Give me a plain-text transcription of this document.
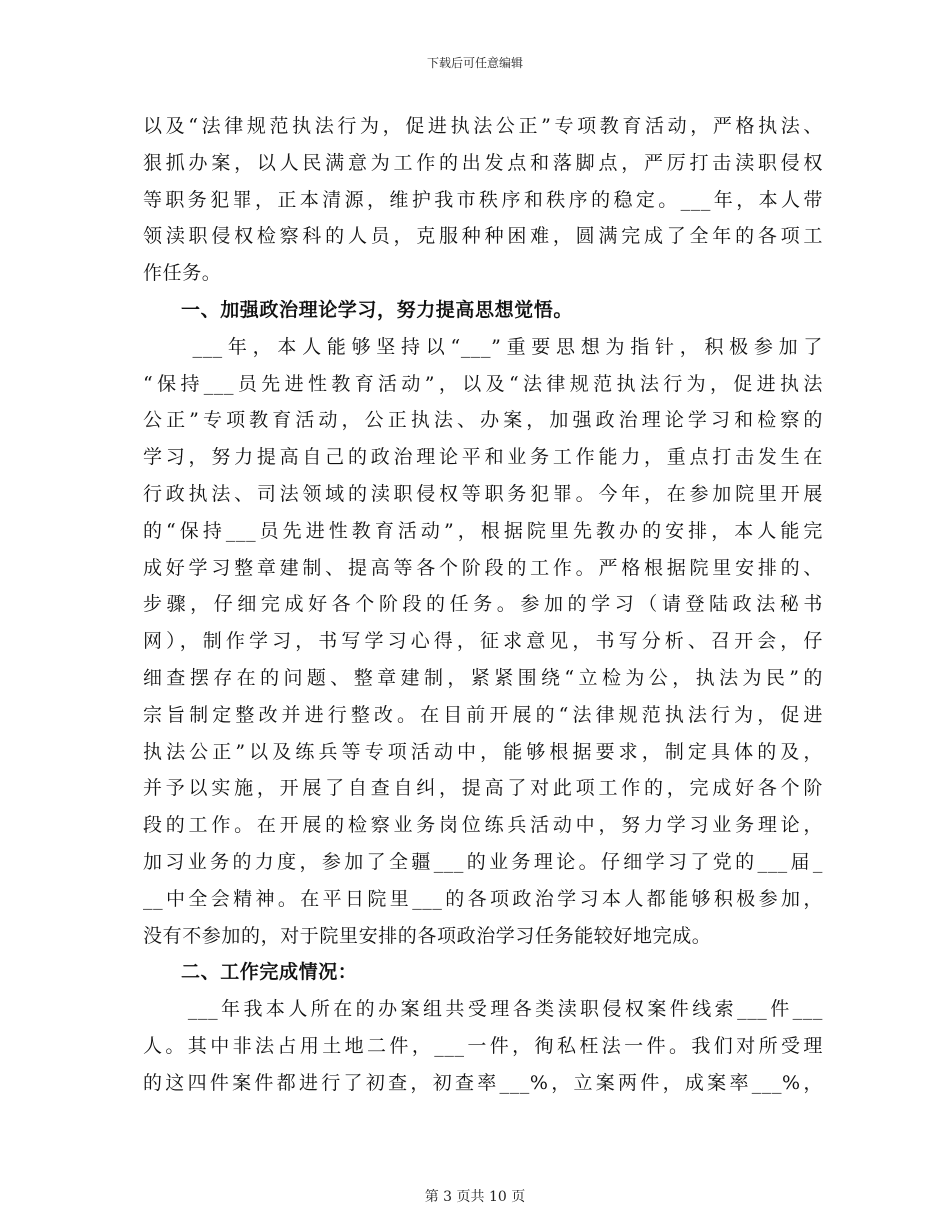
下载后可任意编辑
以及“法律规范执法行为，促进执法公正”专项教育活动，严格执法、
狠抓办案，以人民满意为工作的出发点和落脚点，严厉打击渎职侵权
等职务犯罪，正本清源，维护我市秩序和秩序的稳定。___年，本人带
领渎职侵权检察科的人员，克服种种困难，圆满完成了全年的各项工
作任务。
一、加强政治理论学习，努力提高思想觉悟。
　　___年，本人能够坚持以“___”重要思想为指针，积极参加了
“保持___员先进性教育活动”，以及“法律规范执法行为，促进执法
公正”专项教育活动，公正执法、办案，加强政治理论学习和检察的
学习，努力提高自己的政治理论平和业务工作能力，重点打击发生在
行政执法、司法领域的渎职侵权等职务犯罪。今年，在参加院里开展
的“保持___员先进性教育活动”，根据院里先教办的安排，本人能完
成好学习整章建制、提高等各个阶段的工作。严格根据院里安排的、
步骤，仔细完成好各个阶段的任务。参加的学习（请登陆政法秘书
网），制作学习，书写学习心得，征求意见，书写分析、召开会，仔
细查摆存在的问题、整章建制，紧紧围绕“立检为公，执法为民”的
宗旨制定整改并进行整改。在目前开展的“法律规范执法行为，促进
执法公正”以及练兵等专项活动中，能够根据要求，制定具体的及，
并予以实施，开展了自查自纠，提高了对此项工作的，完成好各个阶
段的工作。在开展的检察业务岗位练兵活动中，努力学习业务理论，
加习业务的力度，参加了全疆___的业务理论。仔细学习了党的___届_
__中全会精神。在平日院里___的各项政治学习本人都能够积极参加，
没有不参加的，对于院里安排的各项政治学习任务能较好地完成。
二、工作完成情况：
　　___年我本人所在的办案组共受理各类渎职侵权案件线索___件___
人。其中非法占用土地二件，___一件，徇私枉法一件。我们对所受理
的这四件案件都进行了初查，初查率___%，立案两件，成案率___%，
第 3 页共 10 页
